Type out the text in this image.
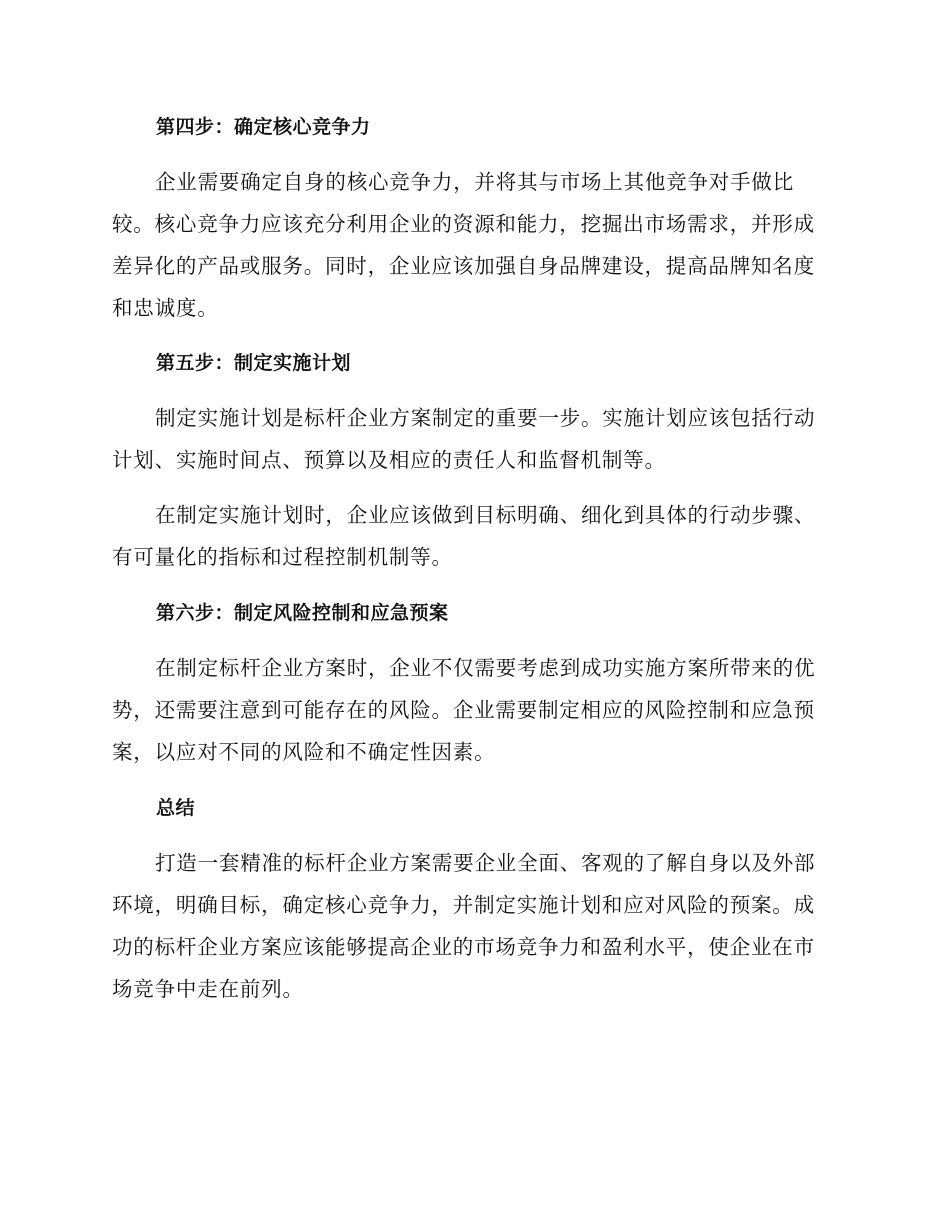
第四步：确定核心竞争力
企业需要确定自身的核心竞争力，并将其与市场上其他竞争对手做比
较。核心竞争力应该充分利用企业的资源和能力，挖掘出市场需求，并形成
差异化的产品或服务。同时，企业应该加强自身品牌建设，提高品牌知名度
和忠诚度。
第五步：制定实施计划
制定实施计划是标杆企业方案制定的重要一步。实施计划应该包括行动
计划、实施时间点、预算以及相应的责任人和监督机制等。
在制定实施计划时，企业应该做到目标明确、细化到具体的行动步骤、
有可量化的指标和过程控制机制等。
第六步：制定风险控制和应急预案
在制定标杆企业方案时，企业不仅需要考虑到成功实施方案所带来的优
势，还需要注意到可能存在的风险。企业需要制定相应的风险控制和应急预
案，以应对不同的风险和不确定性因素。
总结
打造一套精准的标杆企业方案需要企业全面、客观的了解自身以及外部
环境，明确目标，确定核心竞争力，并制定实施计划和应对风险的预案。成
功的标杆企业方案应该能够提高企业的市场竞争力和盈利水平，使企业在市
场竞争中走在前列。
